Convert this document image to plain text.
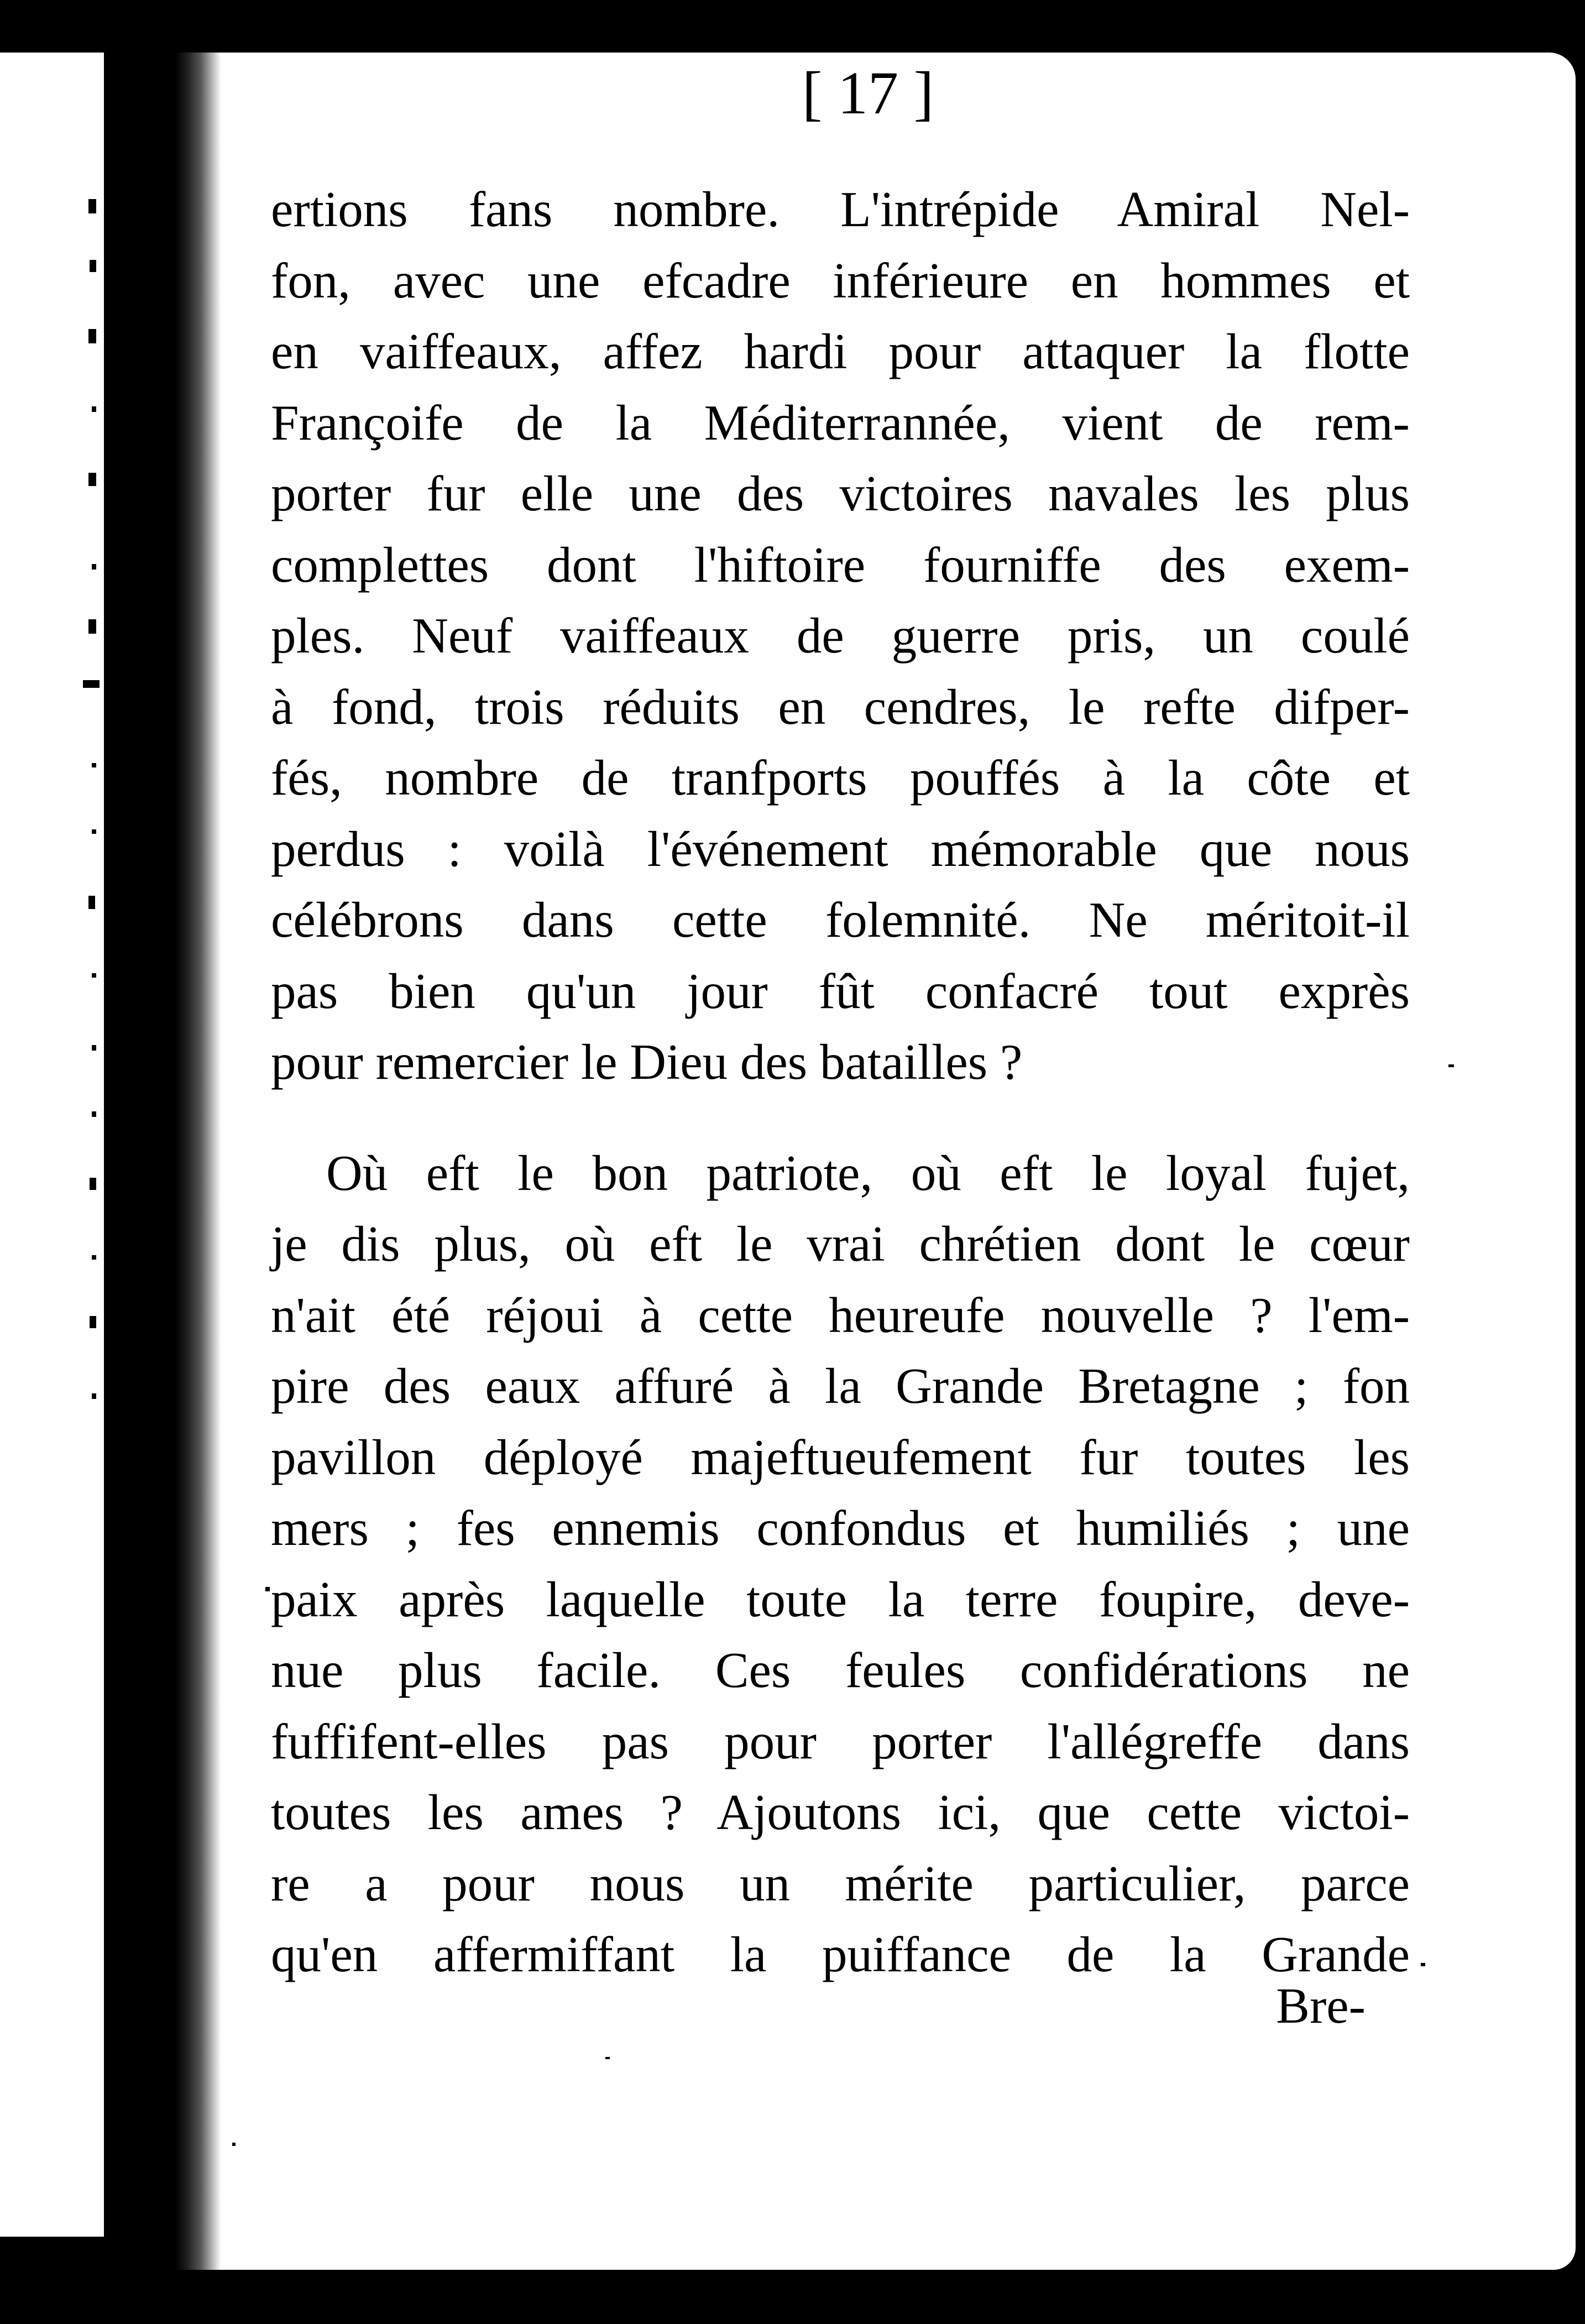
[ 17 ]
ertions fans nombre. L'intrépide Amiral Nel-
fon, avec une efcadre inférieure en hommes et
en vaiffeaux, affez hardi pour attaquer la flotte
Françoife de la Méditerrannée, vient de rem-
porter fur elle une des victoires navales les plus
complettes dont l'hiftoire fourniffe des exem-
ples. Neuf vaiffeaux de guerre pris, un coulé
à fond, trois réduits en cendres, le refte difper-
fés, nombre de tranfports pouffés à la côte et
perdus : voilà l'événement mémorable que nous
célébrons dans cette folemnité. Ne méritoit-il
pas bien qu'un jour fût confacré tout exprès
pour remercier le Dieu des batailles ?
Où eft le bon patriote, où eft le loyal fujet,
je dis plus, où eft le vrai chrétien dont le cœur
n'ait été réjoui à cette heureufe nouvelle ? l'em-
pire des eaux affuré à la Grande Bretagne ; fon
pavillon déployé majeftueufement fur toutes les
mers ; fes ennemis confondus et humiliés ; une
paix après laquelle toute la terre foupire, deve-
nue plus facile. Ces feules confidérations ne
fuffifent-elles pas pour porter l'allégreffe dans
toutes les ames ? Ajoutons ici, que cette victoi-
re a pour nous un mérite particulier, parce
qu'en affermiffant la puiffance de la Grande
Bre-
